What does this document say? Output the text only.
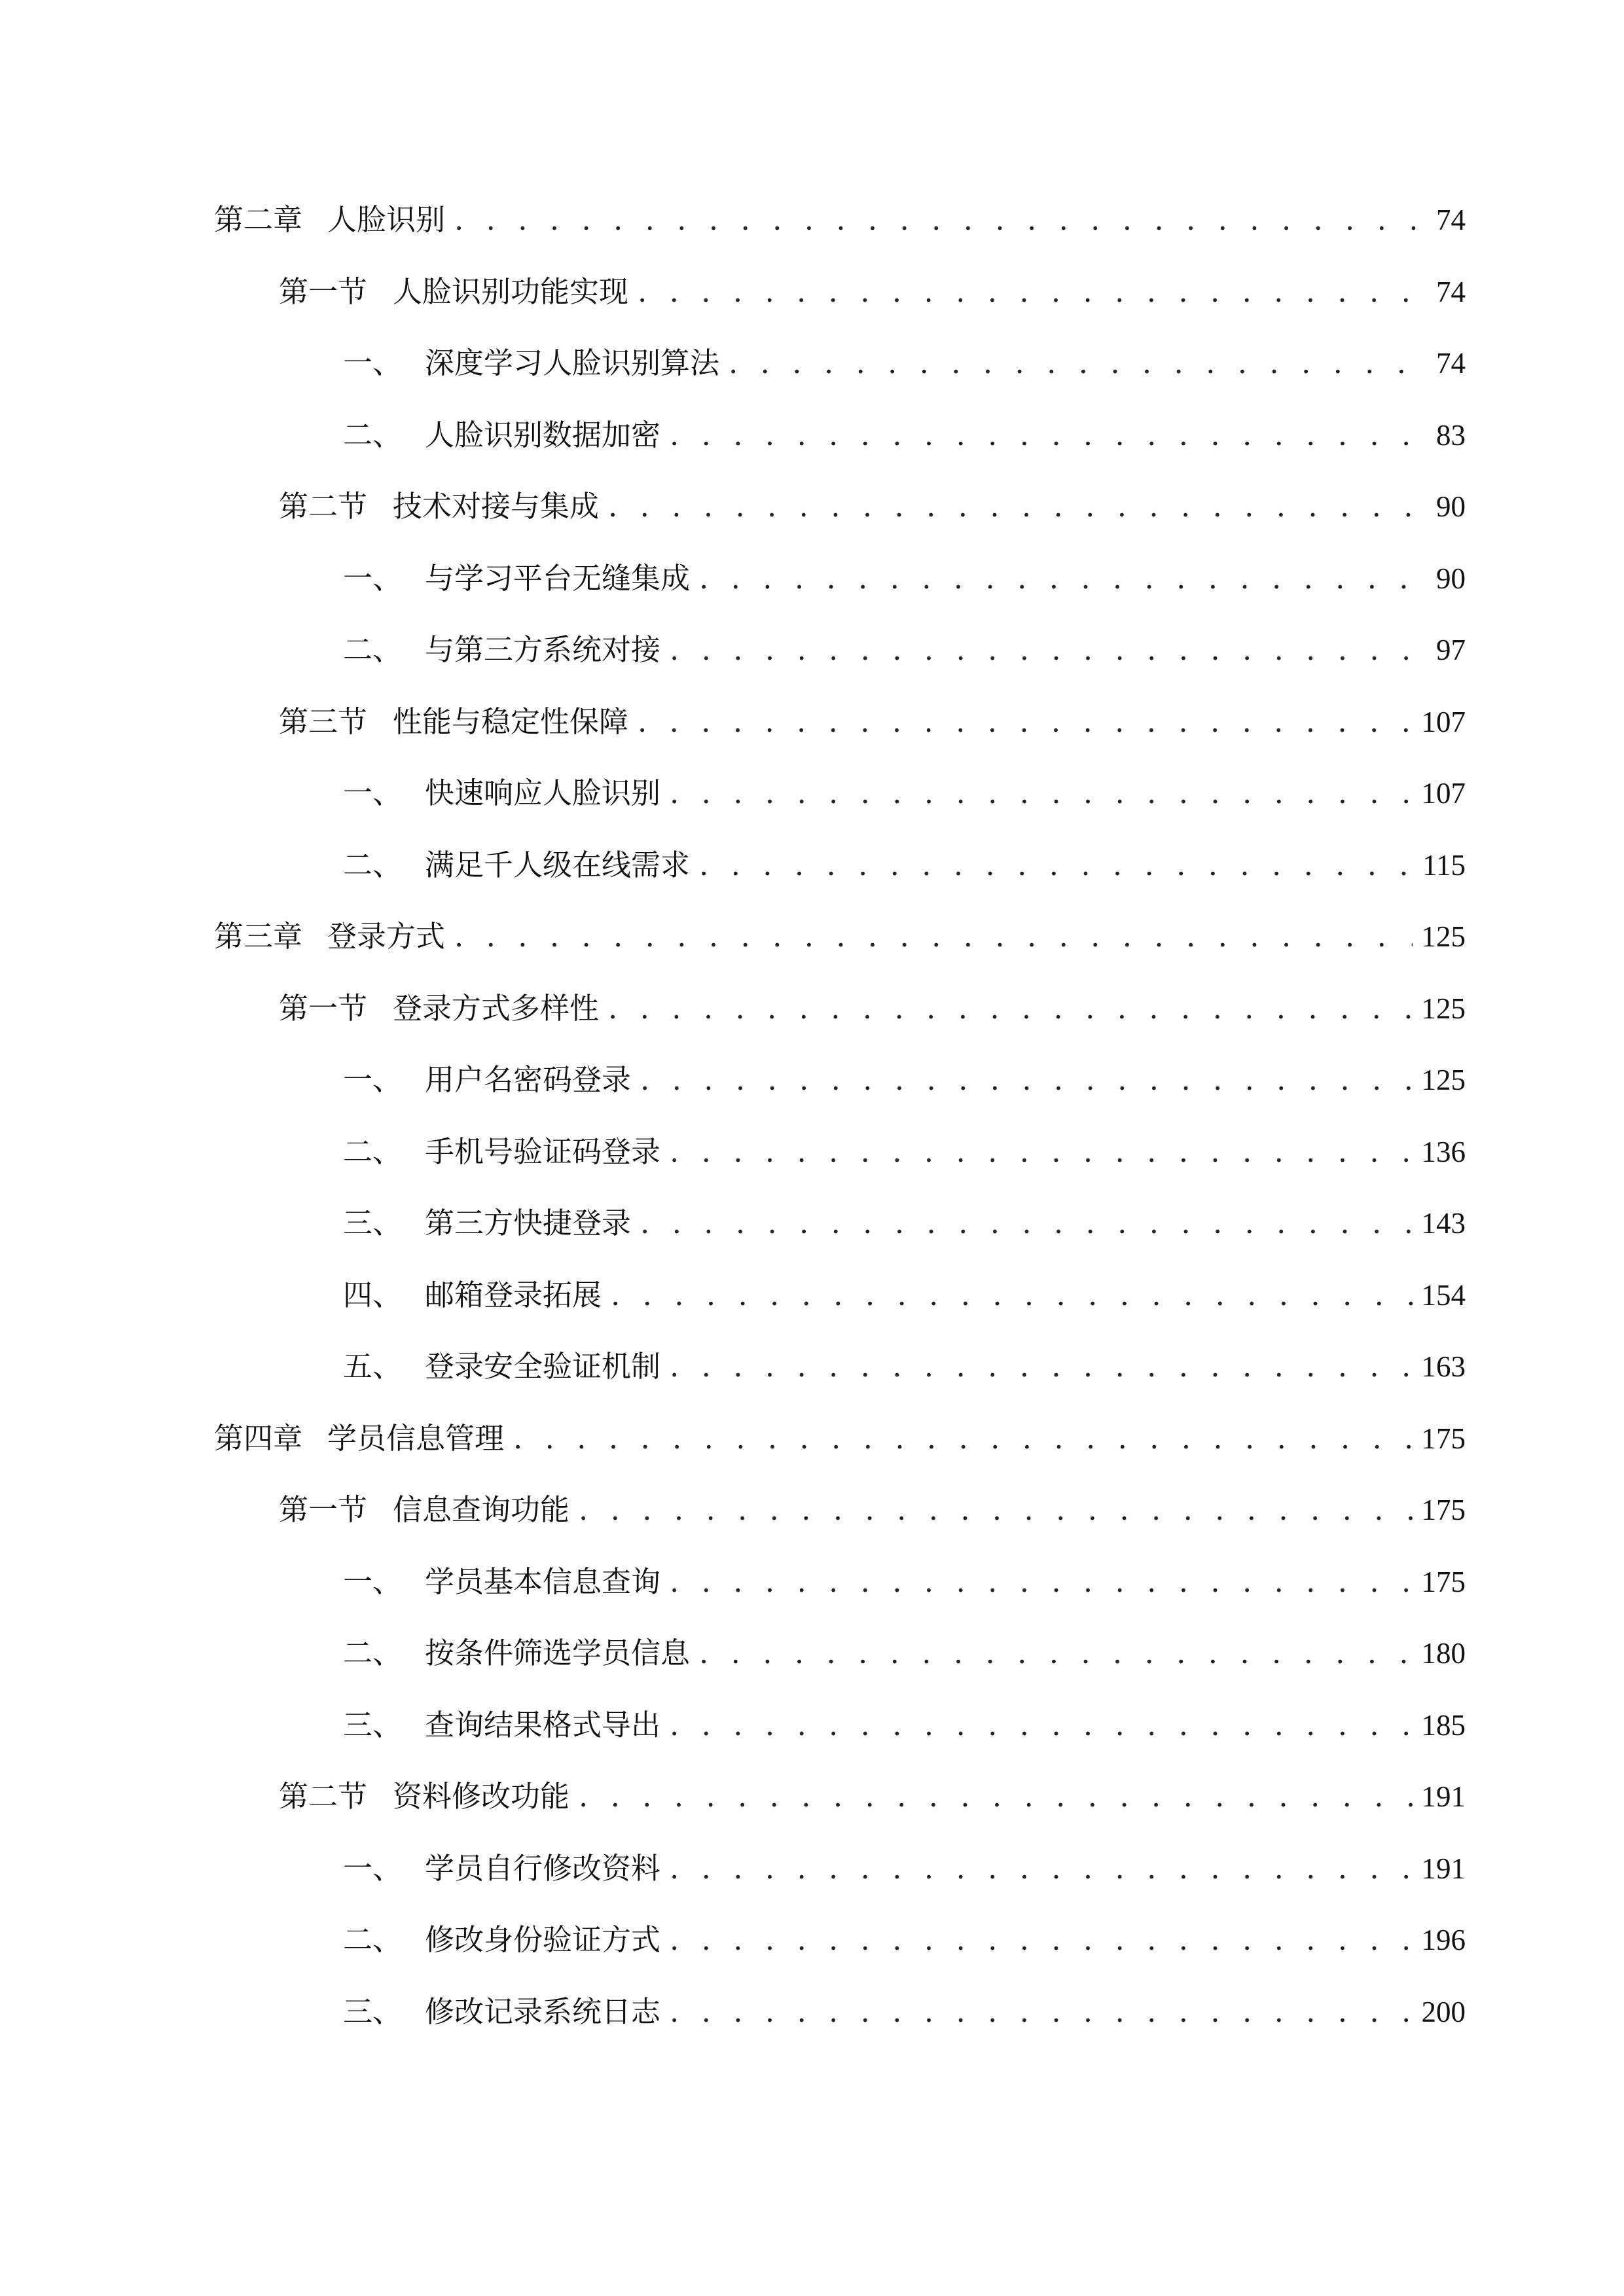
第二章 人脸识别 . . .	74
第一节 人脸识别功能实现 . . .	74
一、 深度学习人脸识别算法 . . .	74
二、 人脸识别数据加密 . . .	83
第二节 技术对接与集成 . . .	90
一、 与学习平台无缝集成 . . .	90
二、 与第三方系统对接 . . .	97
第三节 性能与稳定性保障 . . .	107
一、 快速响应人脸识别 . . .	107
二、 满足千人级在线需求 . . .	115
第三章 登录方式 . . .	125
第一节 登录方式多样性 . . .	125
一、 用户名密码登录 . . .	125
二、 手机号验证码登录 . . .	136
三、 第三方快捷登录 . . .	143
四、 邮箱登录拓展 . . .	154
五、 登录安全验证机制 . . .	163
第四章 学员信息管理 . . .	175
第一节 信息查询功能 . . .	175
一、 学员基本信息查询 . . .	175
二、 按条件筛选学员信息 . . .	180
三、 查询结果格式导出 . . .	185
第二节 资料修改功能 . . .	191
一、 学员自行修改资料 . . .	191
二、 修改身份验证方式 . . .	196
三、 修改记录系统日志 . . .	200
